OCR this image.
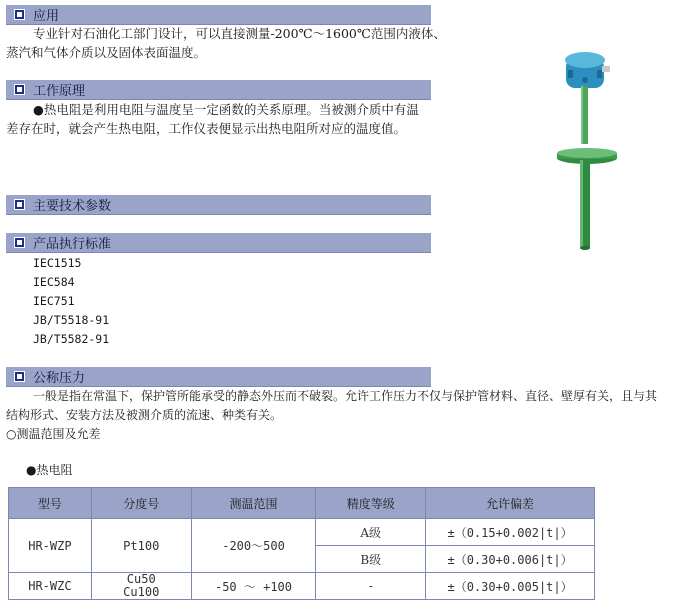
应用
专业针对石油化工部门设计，可以直接测量-200℃～1600℃范围内液体、
蒸汽和气体介质以及固体表面温度。
工作原理
●热电阻是利用电阻与温度呈一定函数的关系原理。当被测介质中有温
差存在时，就会产生热电阻，工作仪表便显示出热电阻所对应的温度值。
主要技术参数
产品执行标准
IEC1515
IEC584
IEC751
JB/T5518-91
JB/T5582-91
公称压力
一般是指在常温下，保护管所能承受的静态外压而不破裂。允许工作压力不仅与保护管材料、直径、壁厚有关，且与其
结构形式、安装方法及被测介质的流速、种类有关。
○测温范围及允差
●热电阻
型号	分度号	测温范围	精度等级	允许偏差
HR-WZP	Pt100	-200～500	A级	±（0.15+0.002|t|）
			B级	±（0.30+0.006|t|）
HR-WZC	Cu50
Cu100	-50 ～ +100	-	±（0.30+0.005|t|）
